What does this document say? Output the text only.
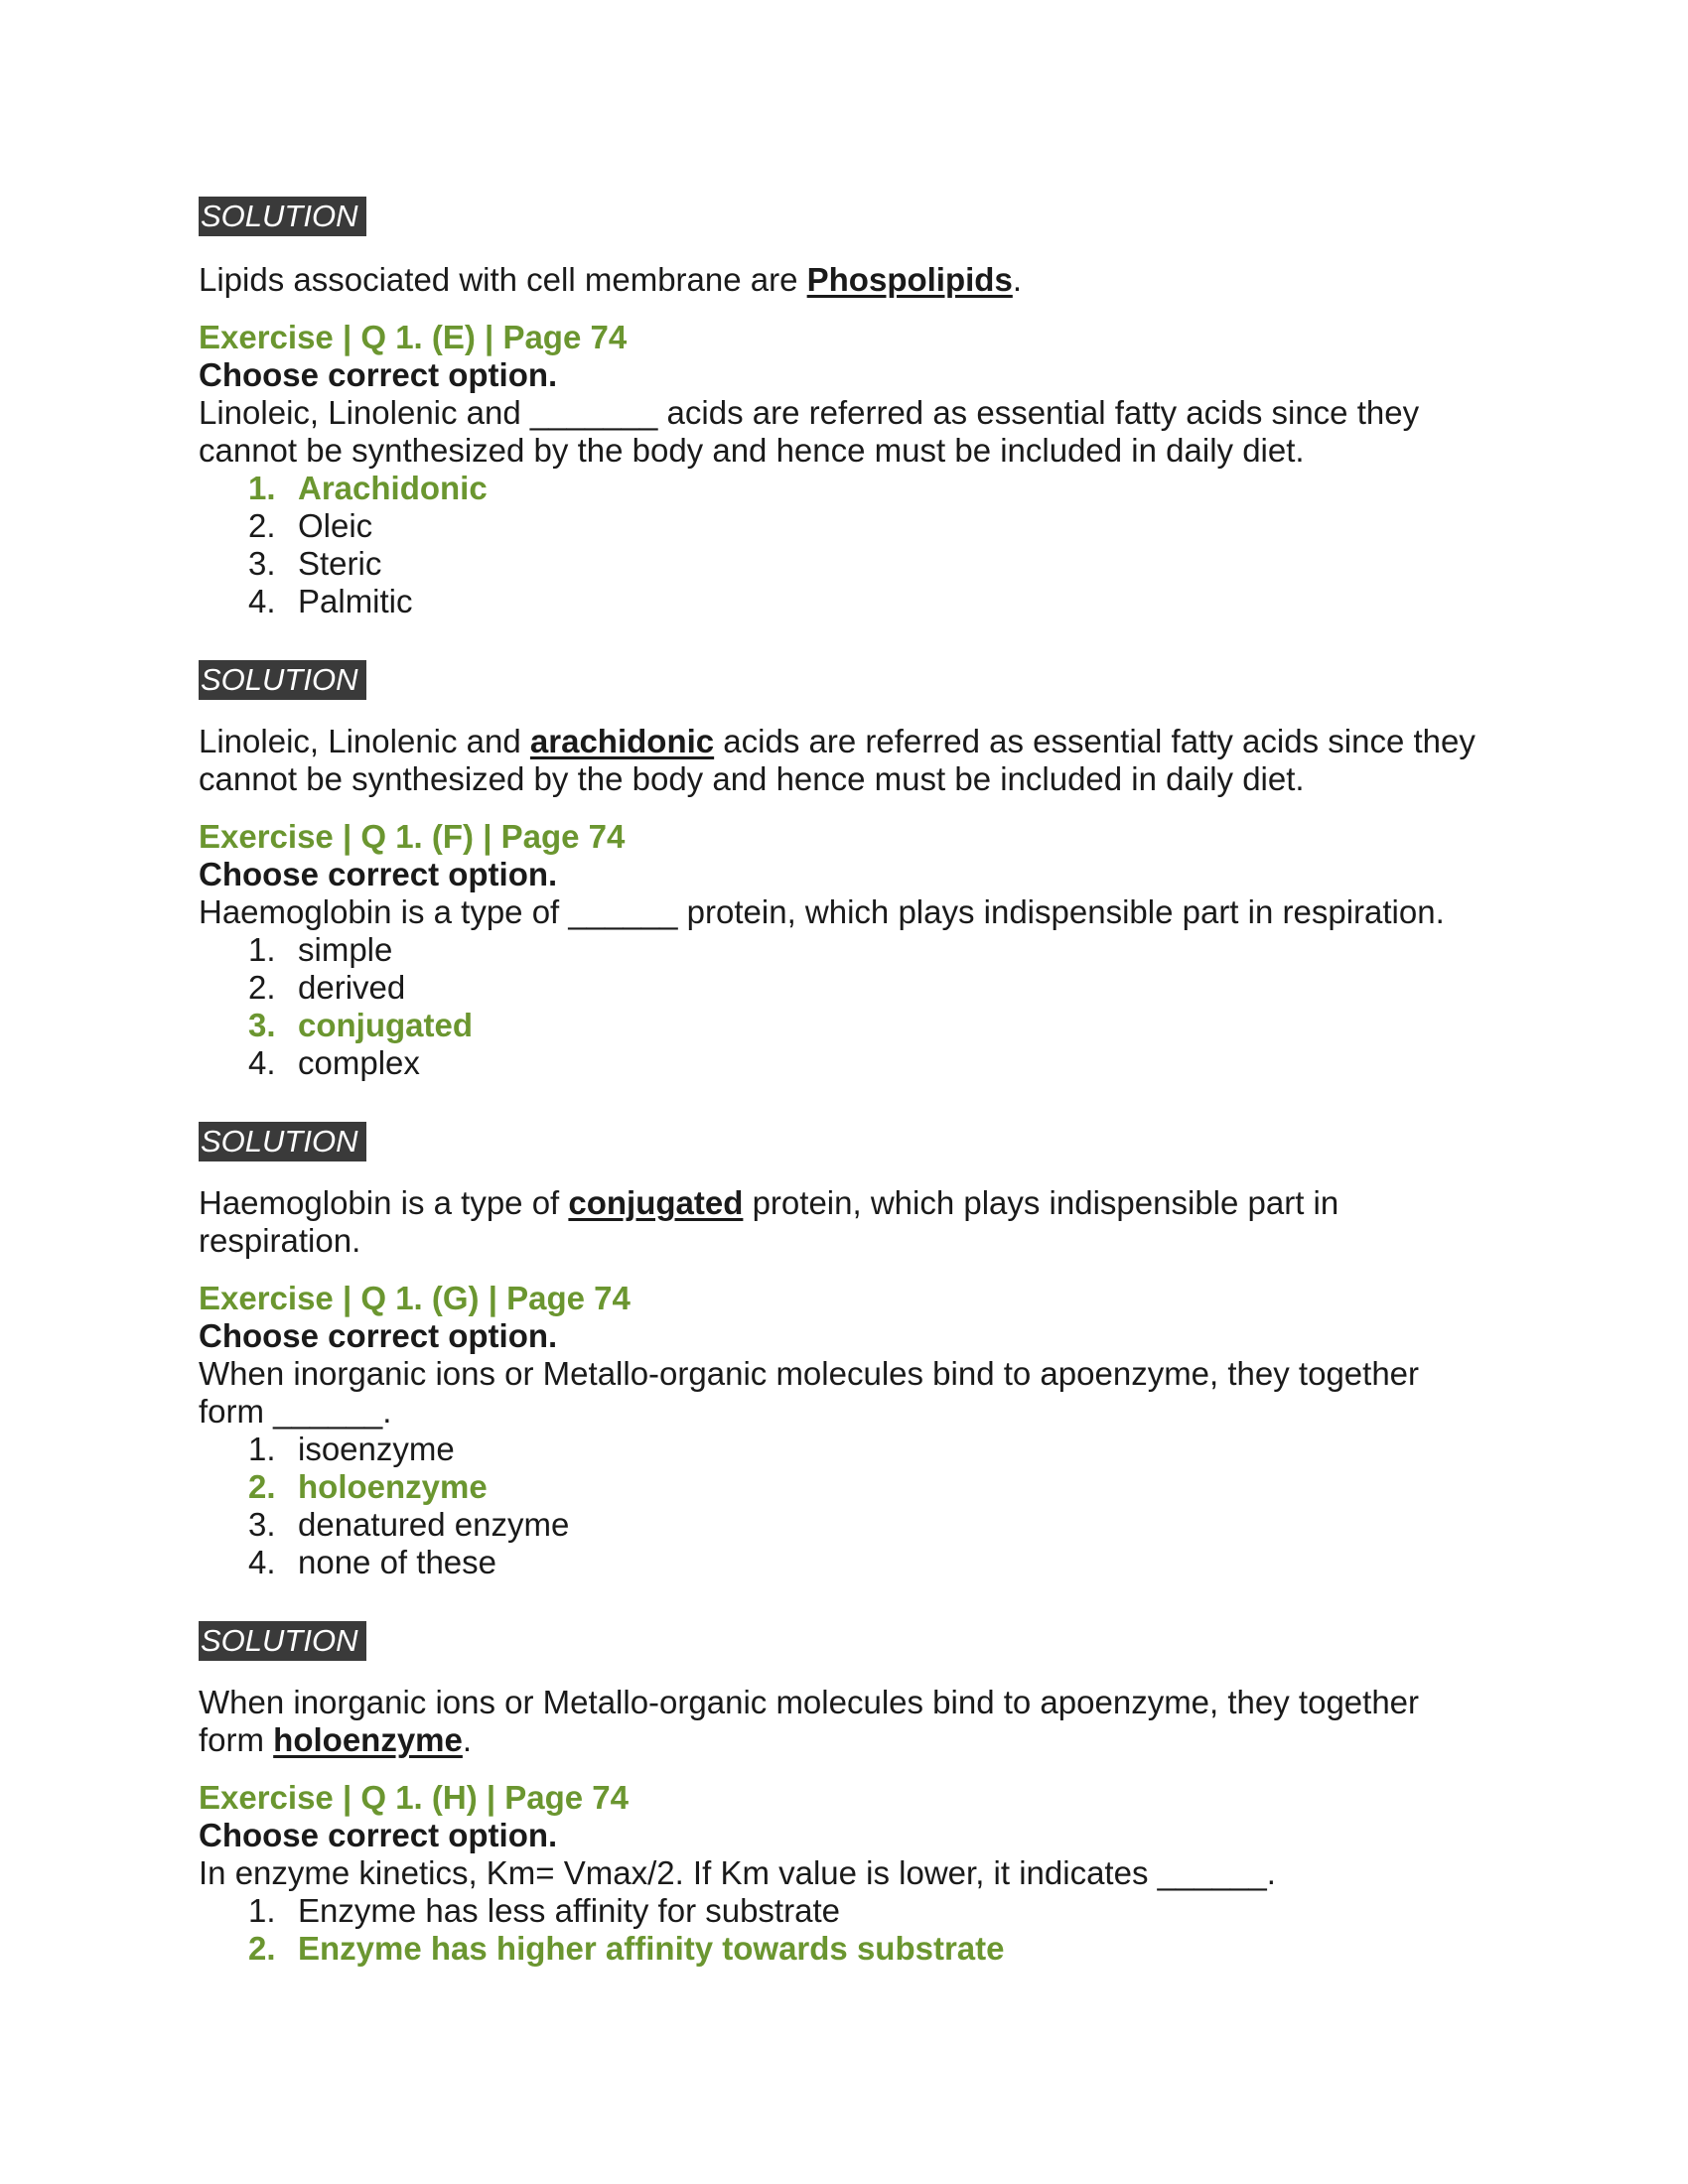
SOLUTION

Lipids associated with cell membrane are Phospolipids.

Exercise | Q 1. (E) | Page 74

Choose correct option.

Linoleic, Linolenic and _______ acids are referred as essential fatty acids since they

cannot be synthesized by the body and hence must be included in daily diet.

1. Arachidonic
2. Oleic
3. Steric
4. Palmitic
SOLUTION

Linoleic, Linolenic and arachidonic acids are referred as essential fatty acids since they

cannot be synthesized by the body and hence must be included in daily diet.

Exercise | Q 1. (F) | Page 74

Choose correct option.

Haemoglobin is a type of ______ protein, which plays indispensible part in respiration.

1. simple
2. derived
3. conjugated
4. complex
SOLUTION

Haemoglobin is a type of conjugated protein, which plays indispensible part in

respiration.

Exercise | Q 1. (G) | Page 74

Choose correct option.

When inorganic ions or Metallo-organic molecules bind to apoenzyme, they together

form ______.

1. isoenzyme
2. holoenzyme
3. denatured enzyme
4. none of these
SOLUTION

When inorganic ions or Metallo-organic molecules bind to apoenzyme, they together

form holoenzyme.

Exercise | Q 1. (H) | Page 74

Choose correct option.

In enzyme kinetics, Km= Vmax/2. If Km value is lower, it indicates ______.

1. Enzyme has less affinity for substrate
2. Enzyme has higher affinity towards substrate
